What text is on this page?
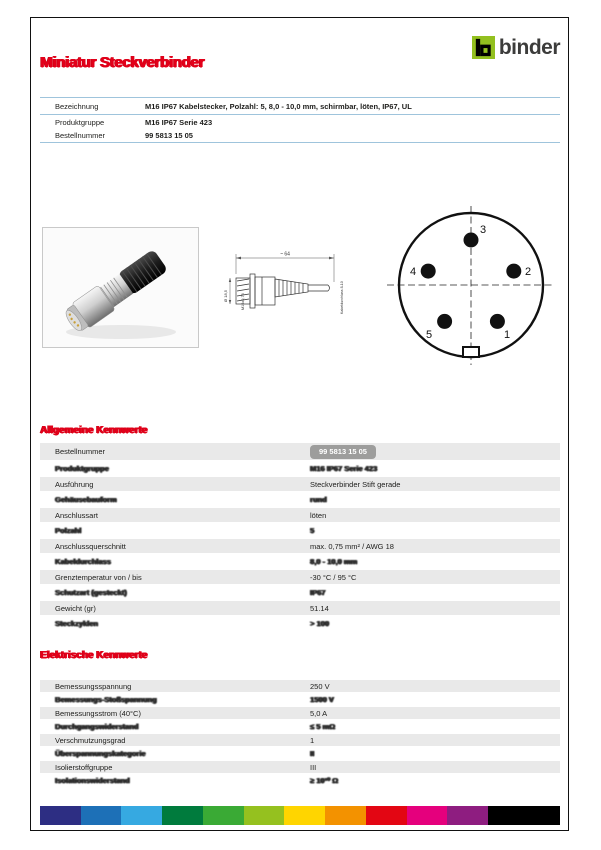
binder
Miniatur Steckverbinder
Bezeichnung	M16 IP67 Kabelstecker, Polzahl: 5, 8,0 - 10,0 mm, schirmbar, löten, IP67, UL
Produktgruppe	M16 IP67 Serie 423
Bestellnummer	99 5813 15 05
~ 64
Ø 18,5	M16x0,75	Kabeldurchlass 8-10
3
2
4
5	1
Allgemeine Kennwerte
Bestellnummer	99 5813 15 05
Produktgruppe	M16 IP67 Serie 423
Ausführung	Steckverbinder Stift gerade
Gehäusebauform	rund
Anschlussart	löten
Polzahl	5
Anschlussquerschnitt	max. 0,75 mm² / AWG 18
Kabeldurchlass	8,0 - 10,0 mm
Grenztemperatur von / bis	-30 °C / 95 °C
Schutzart (gesteckt)	IP67
Gewicht (gr)	51.14
Steckzyklen	> 100
Elektrische Kennwerte
Bemessungsspannung	250 V
Bemessungs-Stoßspannung	1500 V
Bemessungsstrom (40°C)	5,0 A
Durchgangswiderstand	≤ 5 mΩ
Verschmutzungsgrad	1
Überspannungskategorie	II
Isolierstoffgruppe	III
Isolationswiderstand	≥ 10¹⁰ Ω
